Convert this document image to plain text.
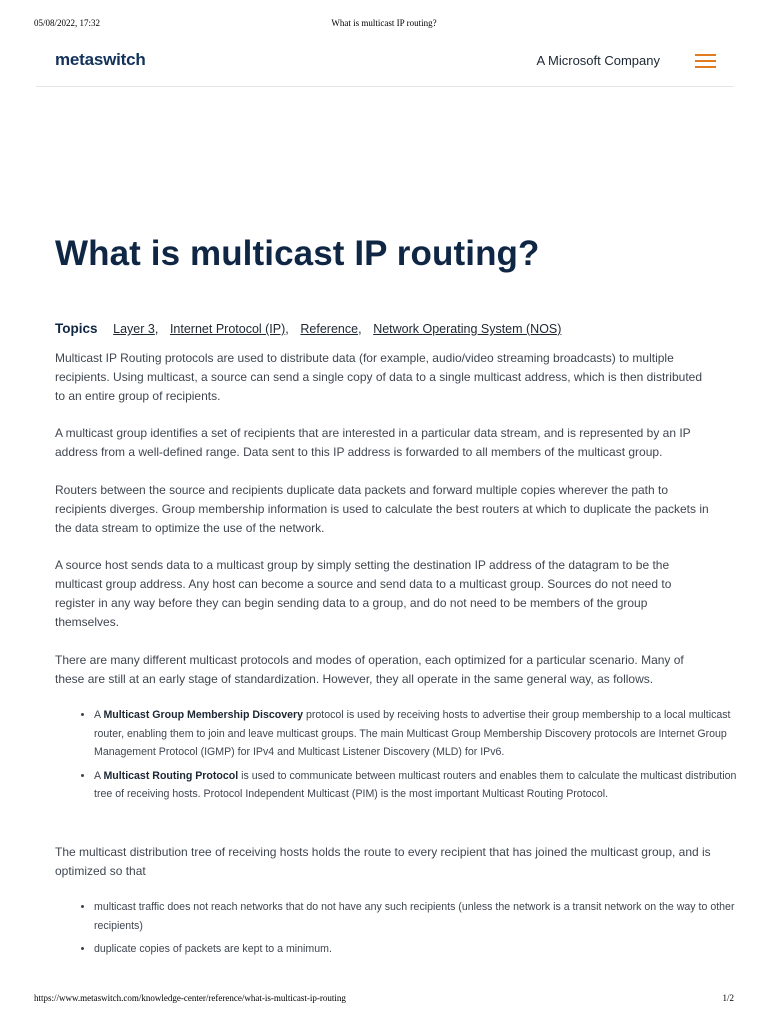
05/08/2022, 17:32	What is multicast IP routing?
metaswitch	A Microsoft Company
What is multicast IP routing?
Topics Layer 3, Internet Protocol (IP), Reference, Network Operating System (NOS)

Multicast IP Routing protocols are used to distribute data (for example, audio/video streaming broadcasts) to multiple recipients. Using multicast, a source can send a single copy of data to a single multicast address, which is then distributed to an entire group of recipients.

A multicast group identifies a set of recipients that are interested in a particular data stream, and is represented by an IP address from a well-defined range. Data sent to this IP address is forwarded to all members of the multicast group.

Routers between the source and recipients duplicate data packets and forward multiple copies wherever the path to recipients diverges. Group membership information is used to calculate the best routers at which to duplicate the packets in the data stream to optimize the use of the network.

A source host sends data to a multicast group by simply setting the destination IP address of the datagram to be the multicast group address. Any host can become a source and send data to a multicast group. Sources do not need to register in any way before they can begin sending data to a group, and do not need to be members of the group themselves.

There are many different multicast protocols and modes of operation, each optimized for a particular scenario. Many of these are still at an early stage of standardization. However, they all operate in the same general way, as follows.

• A Multicast Group Membership Discovery protocol is used by receiving hosts to advertise their group membership to a local multicast router, enabling them to join and leave multicast groups. The main Multicast Group Membership Discovery protocols are Internet Group Management Protocol (IGMP) for IPv4 and Multicast Listener Discovery (MLD) for IPv6.
• A Multicast Routing Protocol is used to communicate between multicast routers and enables them to calculate the multicast distribution tree of receiving hosts. Protocol Independent Multicast (PIM) is the most important Multicast Routing Protocol.

The multicast distribution tree of receiving hosts holds the route to every recipient that has joined the multicast group, and is optimized so that

• multicast traffic does not reach networks that do not have any such recipients (unless the network is a transit network on the way to other recipients)
• duplicate copies of packets are kept to a minimum.
https://www.metaswitch.com/knowledge-center/reference/what-is-multicast-ip-routing	1/2
